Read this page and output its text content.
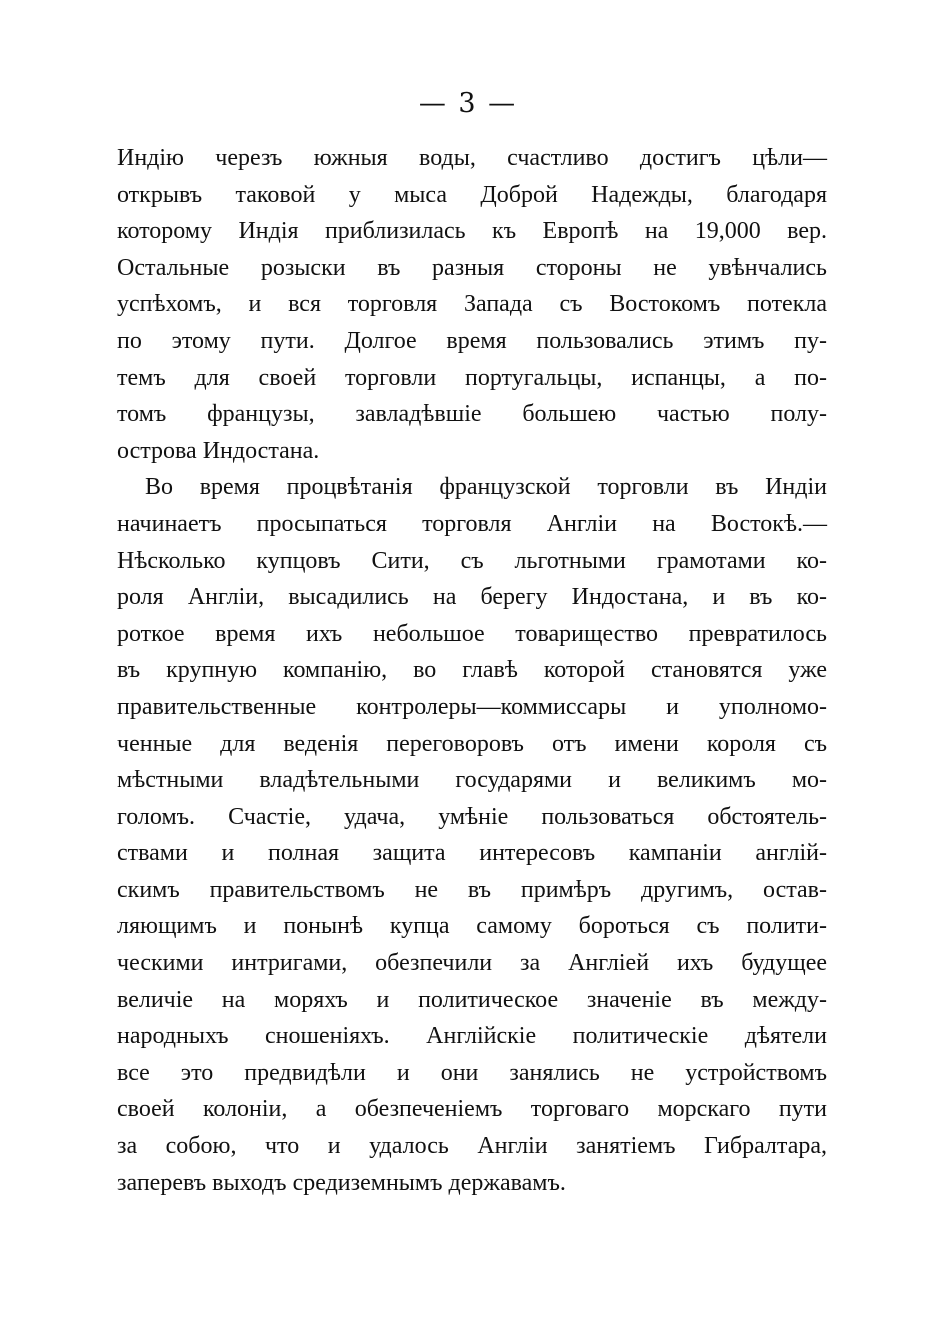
— 3 —
Индію черезъ южныя воды, счастливо достигъ цѣли—
открывъ таковой у мыса Доброй Надежды, благодаря
которому Индія приблизилась къ Европѣ на 19,000 вер.
Остальные розыски въ разныя стороны не увѣнчались
успѣхомъ, и вся торговля Запада съ Востокомъ потекла
по этому пути. Долгое время пользовались этимъ пу-
темъ для своей торговли португальцы, испанцы, а по-
томъ французы, завладѣвшіе большею частью полу-
острова Индостана.
Во время процвѣтанія французской торговли въ Индіи
начинаетъ просыпаться торговля Англіи на Востокѣ.—
Нѣсколько купцовъ Сити, съ льготными грамотами ко-
роля Англіи, высадились на берегу Индостана, и въ ко-
роткое время ихъ небольшое товарищество превратилось
въ крупную компанію, во главѣ которой становятся уже
правительственные контролеры—коммиссары и уполномо-
ченные для веденія переговоровъ отъ имени короля съ
мѣстными владѣтельными государями и великимъ мо-
голомъ. Счастіе, удача, умѣніе пользоваться обстоятель-
ствами и полная защита интересовъ кампаніи англій-
скимъ правительствомъ не въ примѣръ другимъ, остав-
ляющимъ и понынѣ купца самому бороться съ полити-
ческими интригами, обезпечили за Англіей ихъ будущее
величіе на моряхъ и политическое значеніе въ между-
народныхъ сношеніяхъ. Англійскіе политическіе дѣятели
все это предвидѣли и они занялись не устройствомъ
своей колоніи, а обезпеченіемъ торговаго морскаго пути
за собою, что и удалось Англіи занятіемъ Гибралтара,
заперевъ выходъ средиземнымъ державамъ.
